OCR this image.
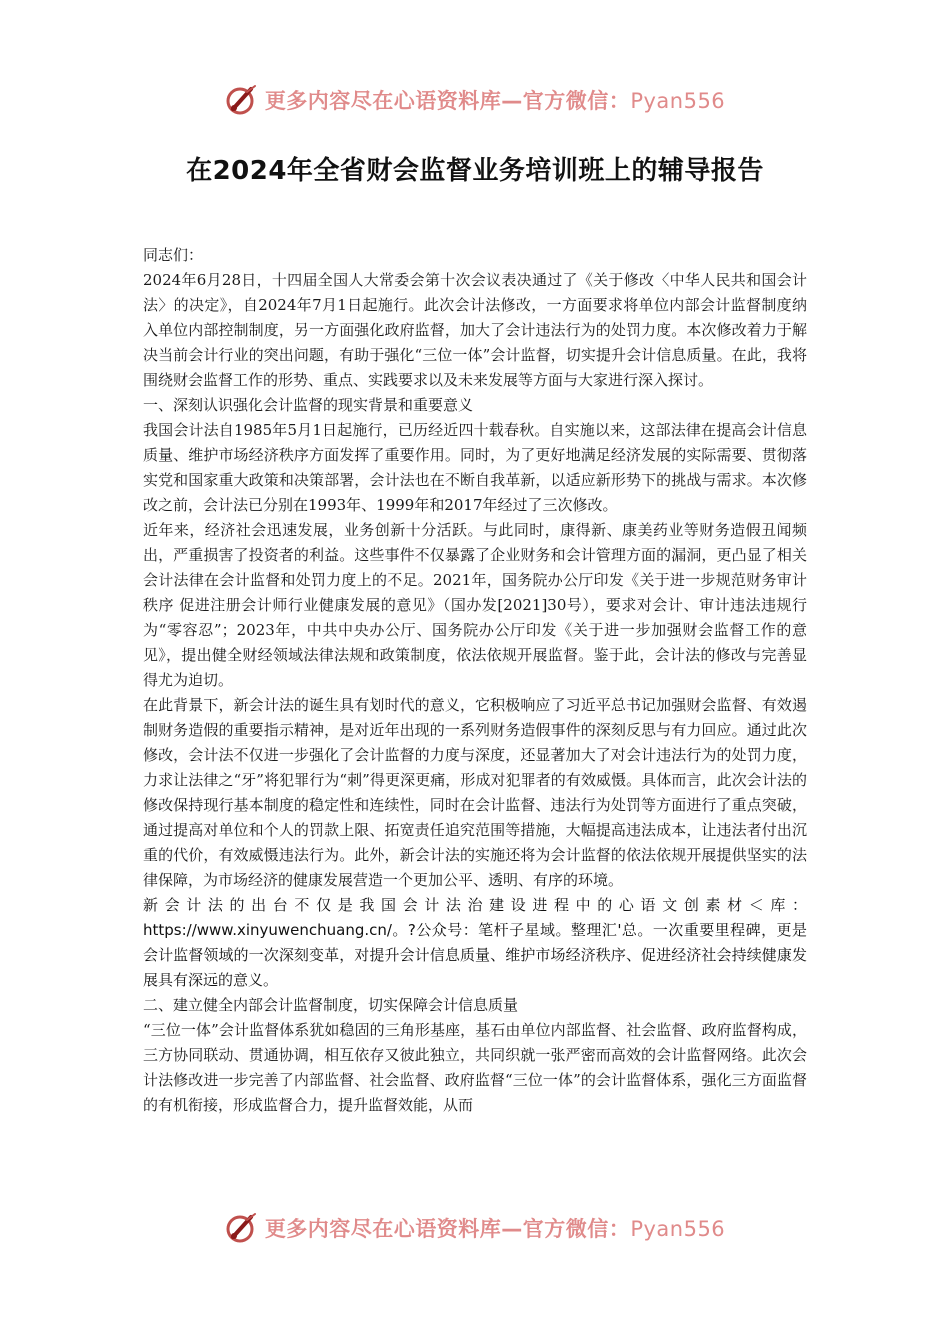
更多内容尽在心语资料库—官方微信：Pyan556
在2024年全省财会监督业务培训班上的辅导报告

同志们：

2024年6月28日，十四届全国人大常委会第十次会议表决通过了《关于修改〈中华人民共和国会计法〉的决定》，自2024年7月1日起施行。此次会计法修改，一方面要求将单位内部会计监督制度纳入单位内部控制制度，另一方面强化政府监督，加大了会计违法行为的处罚力度。本次修改着力于解决当前会计行业的突出问题，有助于强化“三位一体”会计监督，切实提升会计信息质量。在此，我将围绕财会监督工作的形势、重点、实践要求以及未来发展等方面与大家进行深入探讨。

一、深刻认识强化会计监督的现实背景和重要意义

我国会计法自1985年5月1日起施行，已历经近四十载春秋。自实施以来，这部法律在提高会计信息质量、维护市场经济秩序方面发挥了重要作用。同时，为了更好地满足经济发展的实际需要、贯彻落实党和国家重大政策和决策部署，会计法也在不断自我革新，以适应新形势下的挑战与需求。本次修改之前，会计法已分别在1993年、1999年和2017年经过了三次修改。

近年来，经济社会迅速发展，业务创新十分活跃。与此同时，康得新、康美药业等财务造假丑闻频出，严重损害了投资者的利益。这些事件不仅暴露了企业财务和会计管理方面的漏洞，更凸显了相关会计法律在会计监督和处罚力度上的不足。2021年，国务院办公厅印发《关于进一步规范财务审计秩序 促进注册会计师行业健康发展的意见》（国办发[2021]30号），要求对会计、审计违法违规行为“零容忍”；2023年，中共中央办公厅、国务院办公厅印发《关于进一步加强财会监督工作的意见》，提出健全财经领域法律法规和政策制度，依法依规开展监督。鉴于此，会计法的修改与完善显得尤为迫切。

在此背景下，新会计法的诞生具有划时代的意义，它积极响应了习近平总书记加强财会监督、有效遏制财务造假的重要指示精神，是对近年出现的一系列财务造假事件的深刻反思与有力回应。通过此次修改，会计法不仅进一步强化了会计监督的力度与深度，还显著加大了对会计违法行为的处罚力度，力求让法律之“牙”将犯罪行为“刺”得更深更痛，形成对犯罪者的有效威慑。具体而言，此次会计法的修改保持现行基本制度的稳定性和连续性，同时在会计监督、违法行为处罚等方面进行了重点突破，通过提高对单位和个人的罚款上限、拓宽责任追究范围等措施，大幅提高违法成本，让违法者付出沉重的代价，有效威慑违法行为。此外，新会计法的实施还将为会计监督的依法依规开展提供坚实的法律保障，为市场经济的健康发展营造一个更加公平、透明、有序的环境。

新会计法的出台不仅是我国会计法治建设进程中的心语文创素材＜库：https://www.xinyuwenchuang.cn/。?公众号：笔杆子星域。整理汇'总。一次重要里程碑，更是会计监督领域的一次深刻变革，对提升会计信息质量、维护市场经济秩序、促进经济社会持续健康发展具有深远的意义。

二、建立健全内部会计监督制度，切实保障会计信息质量

“三位一体”会计监督体系犹如稳固的三角形基座，基石由单位内部监督、社会监督、政府监督构成，三方协同联动、贯通协调，相互依存又彼此独立，共同织就一张严密而高效的会计监督网络。此次会计法修改进一步完善了内部监督、社会监督、政府监督“三位一体”的会计监督体系，强化三方面监督的有机衔接，形成监督合力，提升监督效能，从而

更多内容尽在心语资料库—官方微信：Pyan556
